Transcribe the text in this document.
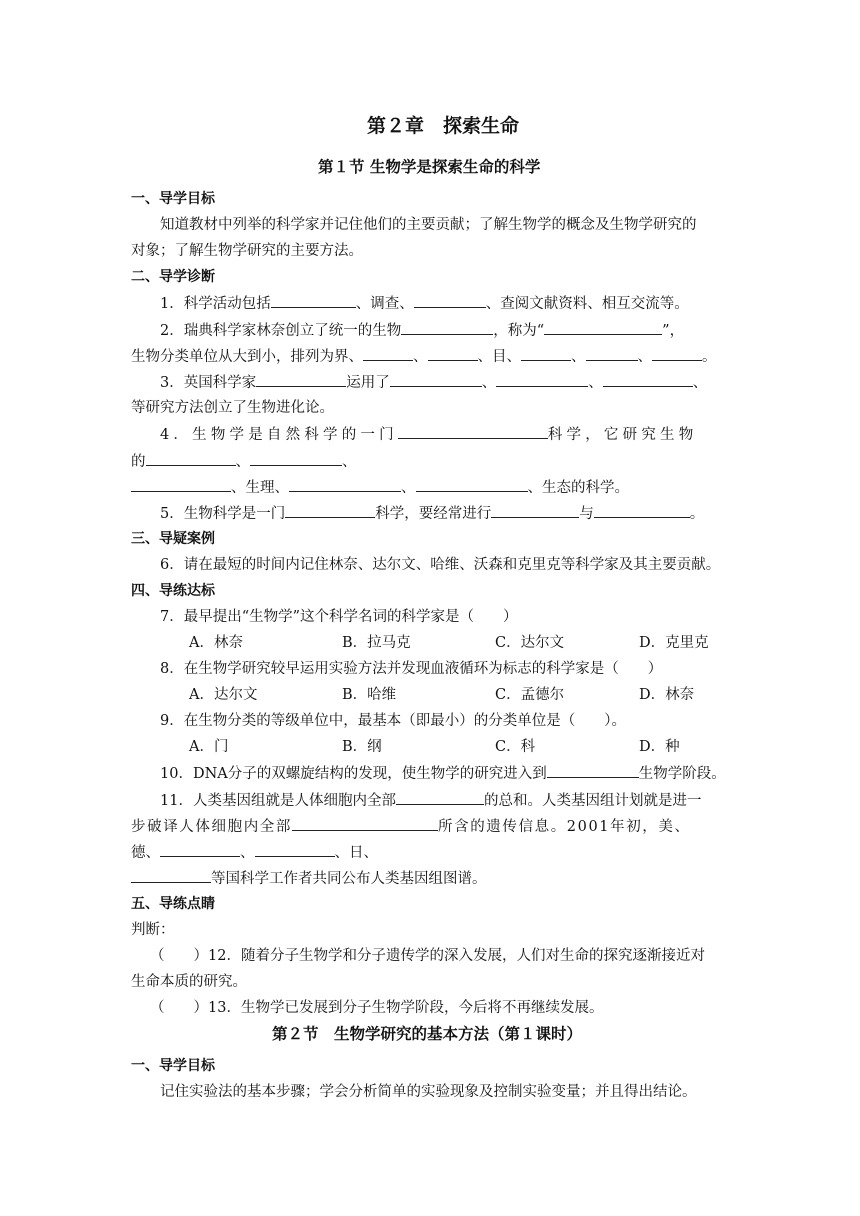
第２章　探索生命
第１节 生物学是探索生命的科学
一、导学目标
知道教材中列举的科学家并记住他们的主要贡献；了解生物学的概念及生物学研究的
对象；了解生物学研究的主要方法。
二、导学诊断
1．科学活动包括	、调查、	、查阅文献资料、相互交流等。
2．瑞典科学家林奈创立了统一的生物	，称为“	”，
生物分类单位从大到小，排列为界、	、	、目、	、	、	。
3．英国科学家	运用了	、	、	、
等研究方法创立了生物进化论。
4．生物学是自然科学的一门	科学，它研究生物
的	、	、
、生理、	、	、生态的科学。
5．生物科学是一门	科学，要经常进行	与	。
三、导疑案例
6．请在最短的时间内记住林奈、达尔文、哈维、沃森和克里克等科学家及其主要贡献。
四、导练达标
7．最早提出“生物学”这个科学名词的科学家是（　　）
A．林奈	B．拉马克	C．达尔文	D．克里克
8．在生物学研究较早运用实验方法并发现血液循环为标志的科学家是（　　）
A．达尔文	B．哈维	C．孟德尔	D．林奈
9．在生物分类的等级单位中，最基本（即最小）的分类单位是（　　）。
A．门	B．纲	C．科	D．种
10．DNA分子的双螺旋结构的发现，使生物学的研究进入到	生物学阶段。
11．人类基因组就是人体细胞内全部	的总和。人类基因组计划就是进一
步破译人体细胞内全部	所含的遗传信息。2001年初，美、
德、	、	、日、
等国科学工作者共同公布人类基因组图谱。
五、导练点睛
判断：
（　　）12．随着分子生物学和分子遗传学的深入发展，人们对生命的探究逐渐接近对
生命本质的研究。
（　　）13．生物学已发展到分子生物学阶段，今后将不再继续发展。
第２节　生物学研究的基本方法（第１课时）
一、导学目标
记住实验法的基本步骤；学会分析简单的实验现象及控制实验变量；并且得出结论。
